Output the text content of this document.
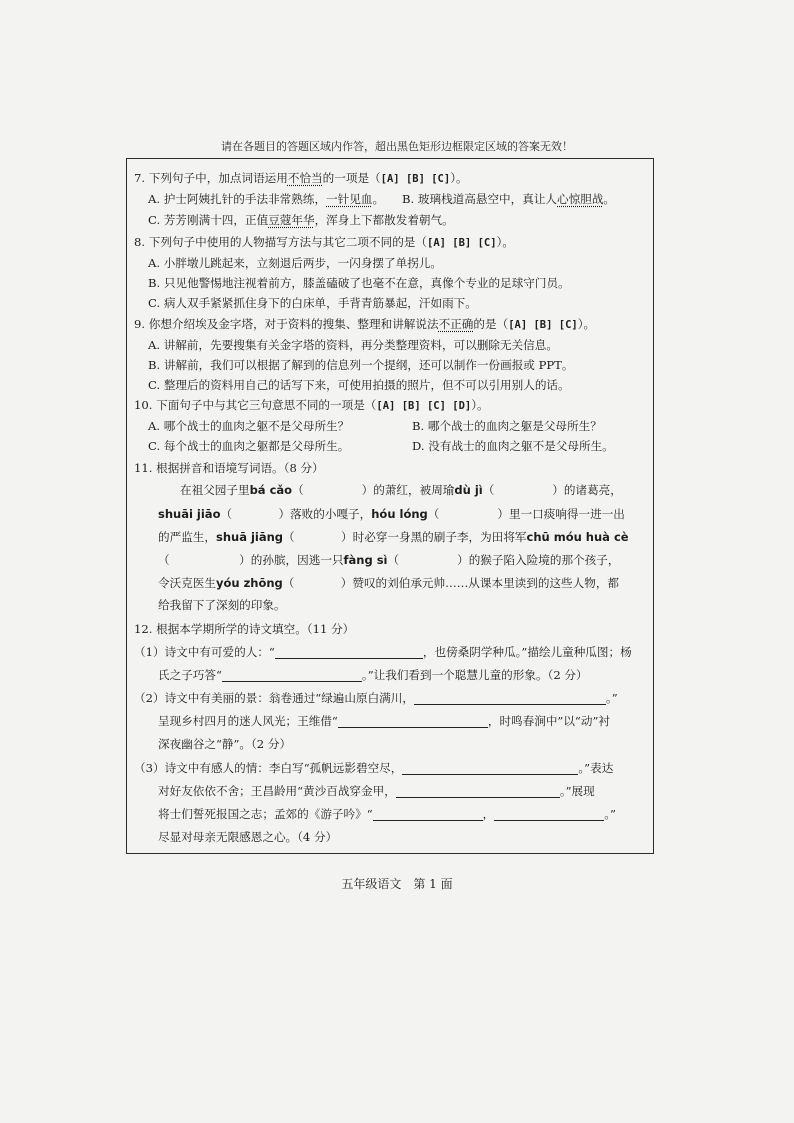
请在各题目的答题区域内作答，超出黑色矩形边框限定区域的答案无效！
7. 下列句子中，加点词语运用不恰当的一项是（[A] [B] [C]）。
A. 护士阿姨扎针的手法非常熟练，一针见血。 B. 玻璃栈道高悬空中，真让人心惊胆战。
C. 芳芳刚满十四，正值豆蔻年华，浑身上下都散发着朝气。
8. 下列句子中使用的人物描写方法与其它二项不同的是（[A] [B] [C]）。
A. 小胖墩儿跳起来，立刻退后两步，一闪身摆了单拐儿。
B. 只见他警惕地注视着前方，膝盖磕破了也毫不在意，真像个专业的足球守门员。
C. 病人双手紧紧抓住身下的白床单，手背青筋暴起，汗如雨下。
9. 你想介绍埃及金字塔，对于资料的搜集、整理和讲解说法不正确的是（[A] [B] [C]）。
A. 讲解前，先要搜集有关金字塔的资料，再分类整理资料，可以删除无关信息。
B. 讲解前，我们可以根据了解到的信息列一个提纲，还可以制作一份画报或 PPT。
C. 整理后的资料用自己的话写下来，可使用拍摄的照片，但不可以引用别人的话。
10. 下面句子中与其它三句意思不同的一项是（[A] [B] [C] [D]）。
A. 哪个战士的血肉之躯不是父母所生？	B. 哪个战士的血肉之躯是父母所生？
C. 每个战士的血肉之躯都是父母所生。	D. 没有战士的血肉之躯不是父母所生。
11. 根据拼音和语境写词语。（8 分）
在祖父园子里bá cǎo（　　　　　）的萧红，被周瑜dù jì（　　　　　）的诸葛亮，
shuāi jiāo（　　　　）落败的小嘎子，hóu lóng（　　　　　）里一口痰响得一进一出
的严监生，shuā jiāng（　　　　）时必穿一身黑的刷子李，为田将军chū móu huà cè
（　　　　　　）的孙膑，因逃一只fàng sì（　　　　　）的猴子陷入险境的那个孩子，
令沃克医生yóu zhōng（　　　　）赞叹的刘伯承元帅……从课本里读到的这些人物，都
给我留下了深刻的印象。
12. 根据本学期所学的诗文填空。（11 分）
（1）诗文中有可爱的人：“	，也傍桑阴学种瓜。”描绘儿童种瓜图；杨
氏之子巧答“	。”让我们看到一个聪慧儿童的形象。（2 分）
（2）诗文中有美丽的景：翁卷通过“绿遍山原白满川，	。”
呈现乡村四月的迷人风光；王维借“	，时鸣春涧中”以“动”衬
深夜幽谷之“静”。（2 分）
（3）诗文中有感人的情：李白写“孤帆远影碧空尽，	。”表达
对好友依依不舍；王昌龄用“黄沙百战穿金甲，	。”展现
将士们誓死报国之志；孟郊的《游子吟》“	，	。”
尽显对母亲无限感恩之心。（4 分）
五年级语文　第 1 面
